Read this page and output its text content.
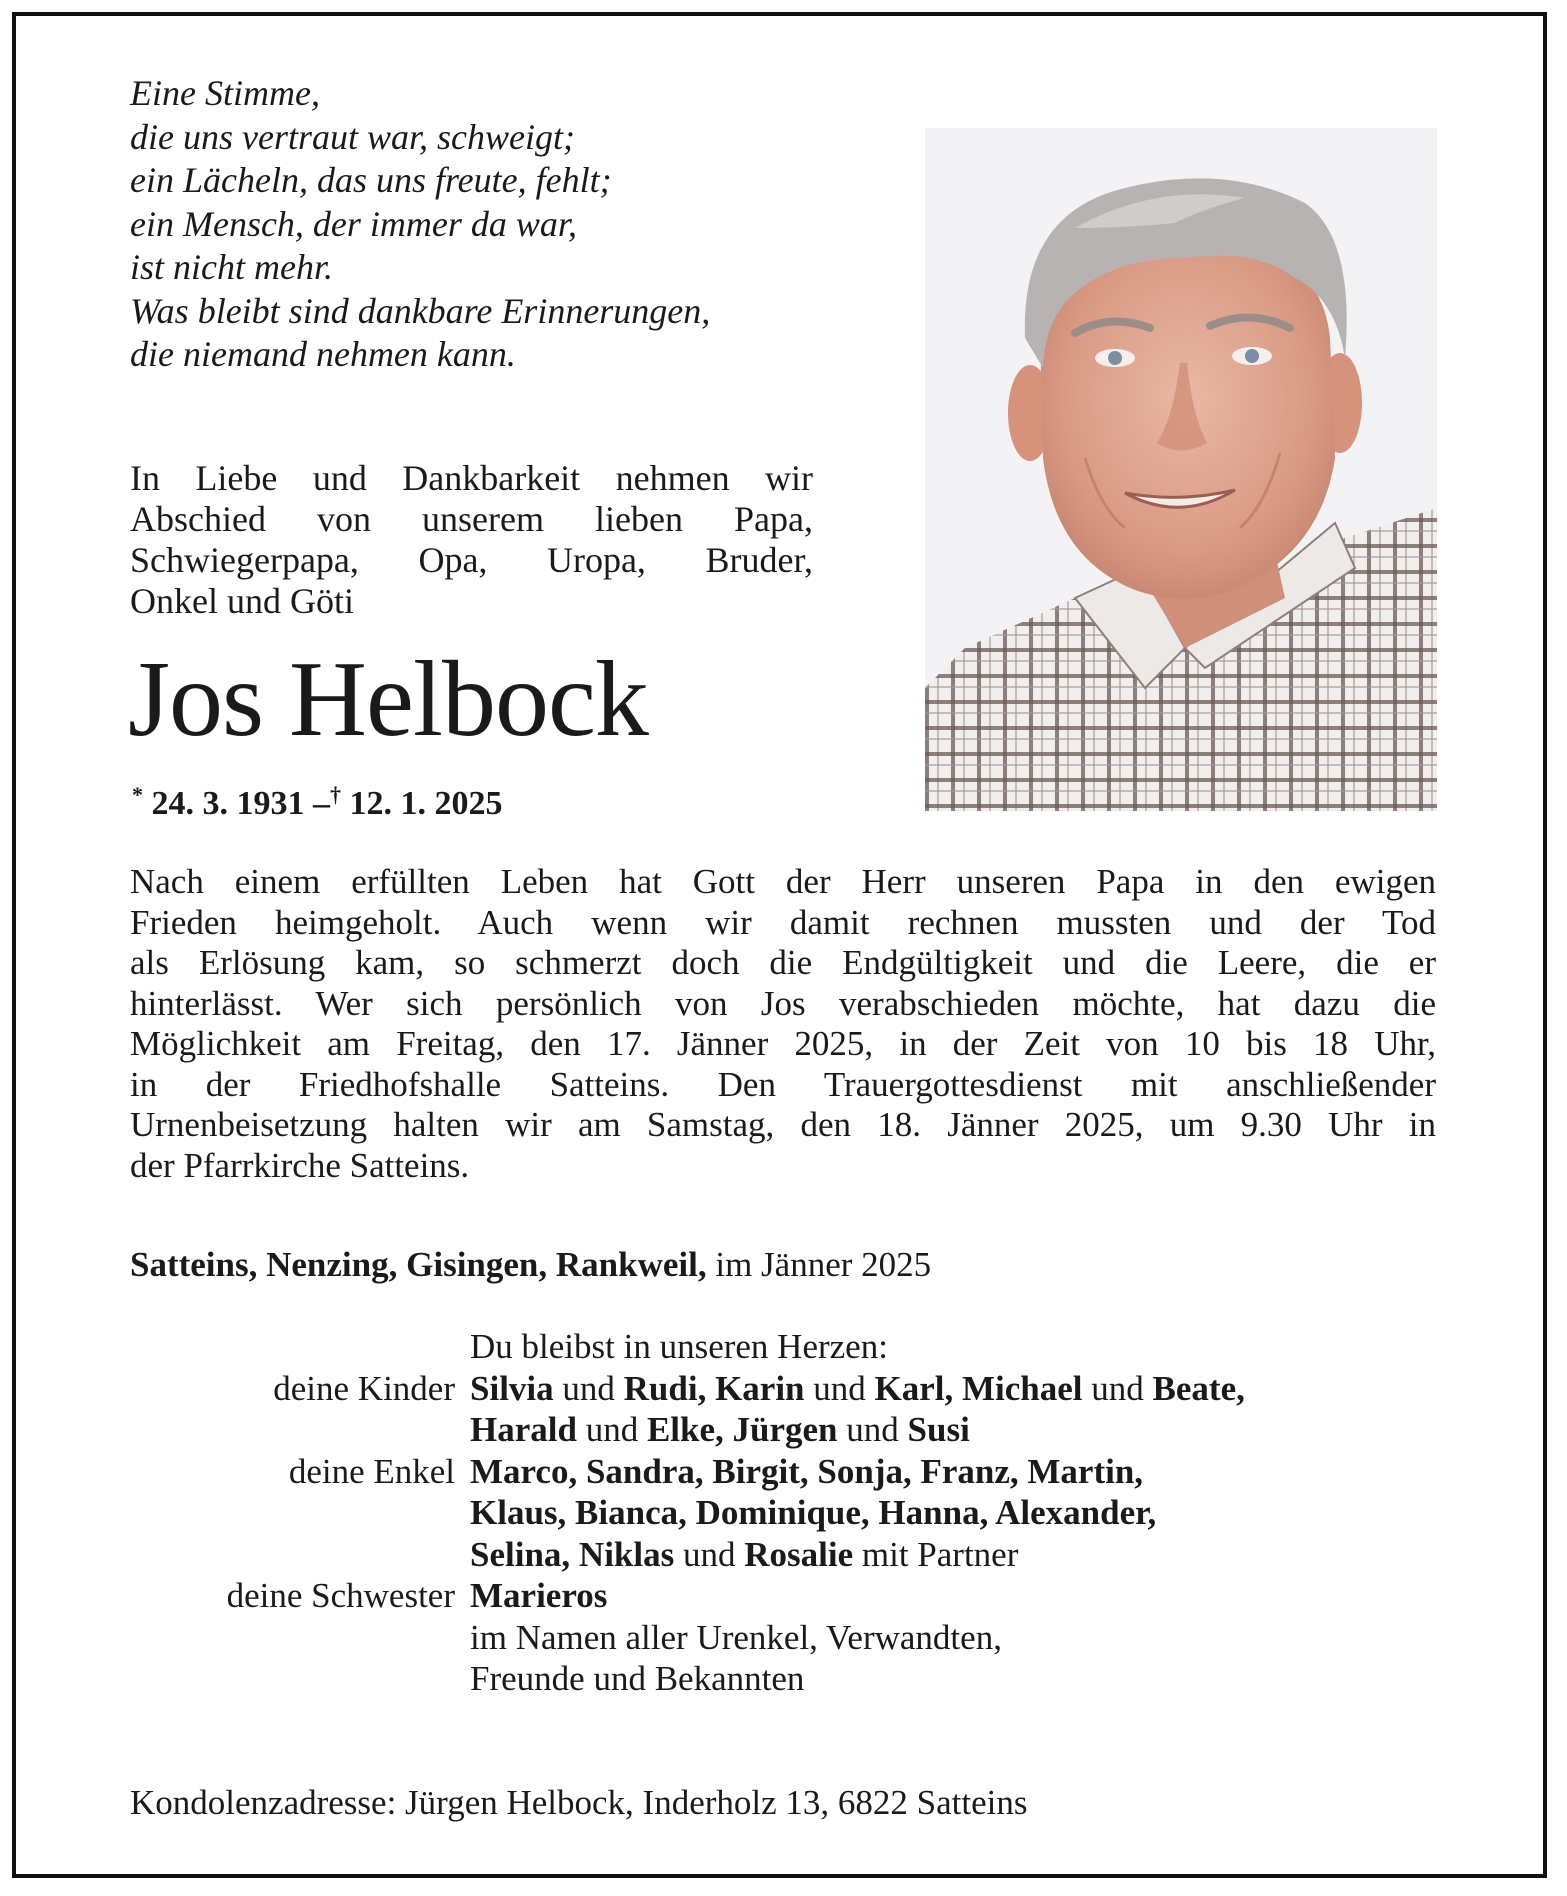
Eine Stimme,
die uns vertraut war, schweigt;
ein Lächeln, das uns freute, fehlt;
ein Mensch, der immer da war,
ist nicht mehr.
Was bleibt sind dankbare Erinnerungen,
die niemand nehmen kann.
In Liebe und Dankbarkeit nehmen wir
Abschied von unserem lieben Papa,
Schwiegerpapa, Opa, Uropa, Bruder,
Onkel und Göti
Jos Helbock
* 24. 3. 1931 –† 12. 1. 2025
Nach einem erfüllten Leben hat Gott der Herr unseren Papa in den ewigen
Frieden heimgeholt. Auch wenn wir damit rechnen mussten und der Tod
als Erlösung kam, so schmerzt doch die Endgültigkeit und die Leere, die er
hinterlässt. Wer sich persönlich von Jos verabschieden möchte, hat dazu die
Möglichkeit am Freitag, den 17. Jänner 2025, in der Zeit von 10 bis 18 Uhr,
in der Friedhofshalle Satteins. Den Trauergottesdienst mit anschließender
Urnenbeisetzung halten wir am Samstag, den 18. Jänner 2025, um 9.30 Uhr in
der Pfarrkirche Satteins.
Satteins, Nenzing, Gisingen, Rankweil, im Jänner 2025
Du bleibst in unseren Herzen:
deine Kinder Silvia und Rudi, Karin und Karl, Michael und Beate,
Harald und Elke, Jürgen und Susi
deine Enkel Marco, Sandra, Birgit, Sonja, Franz, Martin,
Klaus, Bianca, Dominique, Hanna, Alexander,
Selina, Niklas und Rosalie mit Partner
deine Schwester Marieros
im Namen aller Urenkel, Verwandten,
Freunde und Bekannten
Kondolenzadresse: Jürgen Helbock, Inderholz 13, 6822 Satteins
